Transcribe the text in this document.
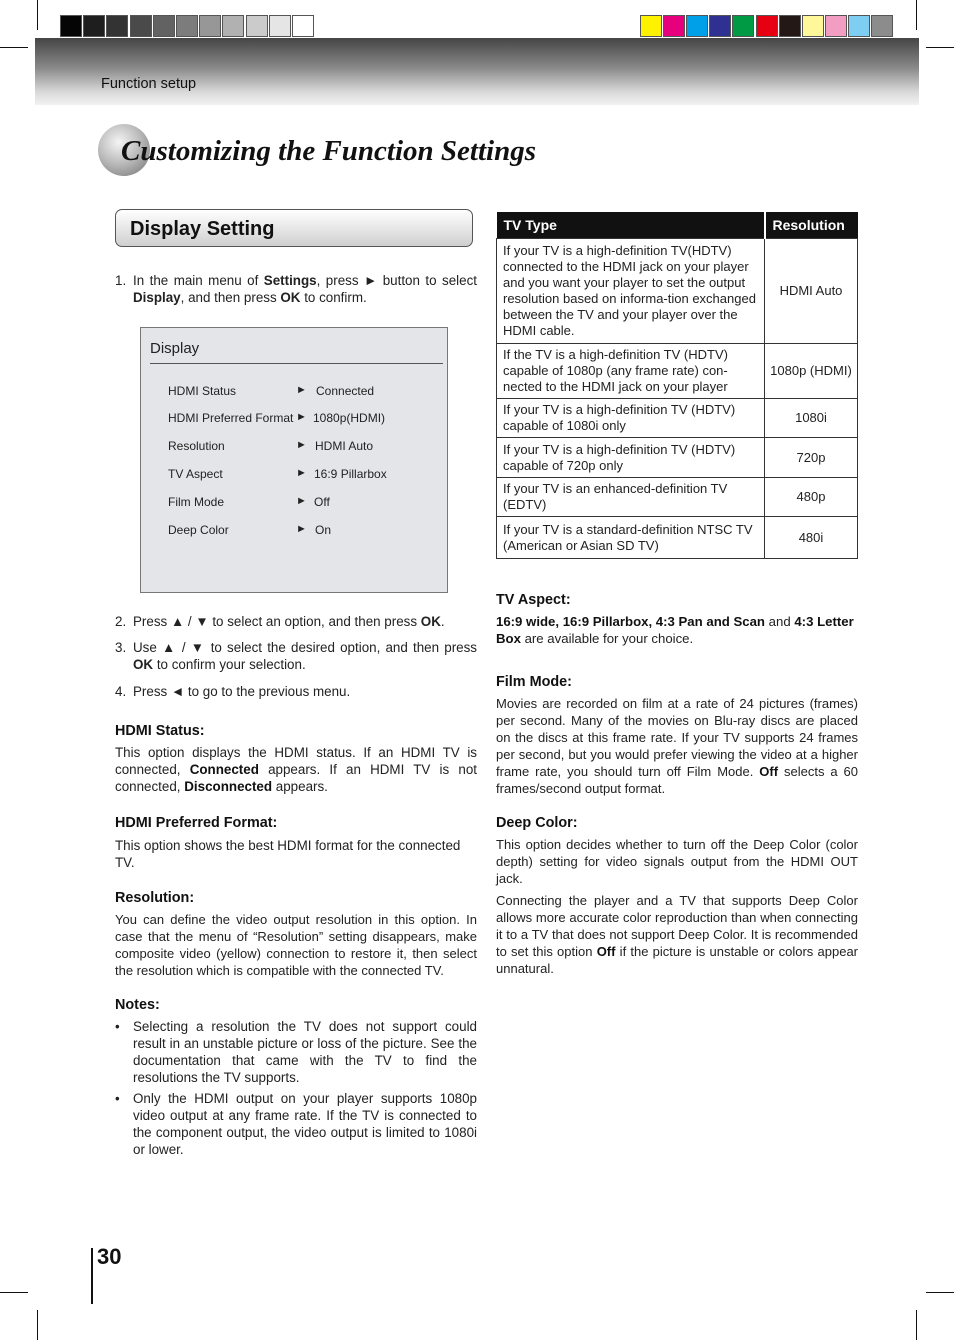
Function setup
Customizing the Function Settings
Display Setting
1. In the main menu of Settings, press ► button to select Display, and then press OK to confirm.
Display
HDMI Status	► Connected
HDMI Preferred Format ► 1080p(HDMI)
Resolution	► HDMI Auto
TV Aspect	► 16:9 Pillarbox
Film Mode	► Off
Deep Color	► On
2. Press ▲ / ▼ to select an option, and then press OK.
3. Use ▲ / ▼ to select the desired option, and then press OK to confirm your selection.
4. Press ◄ to go to the previous menu.
HDMI Status:
This option displays the HDMI status. If an HDMI TV is connected, Connected appears. If an HDMI TV is not connected, Disconnected appears.
HDMI Preferred Format:
This option shows the best HDMI format for the connected TV.
Resolution:
You can define the video output resolution in this option. In case that the menu of “Resolution” setting disappears, make composite video (yellow) connection to restore it, then select the resolution which is compatible with the connected TV.
Notes:
• Selecting a resolution the TV does not support could result in an unstable picture or loss of the picture. See the documentation that came with the TV to find the resolutions the TV supports.
• Only the HDMI output on your player supports 1080p video output at any frame rate. If the TV is connected to the component output, the video output is limited to 1080i or lower.
TV Type	Resolution
If your TV is a high-definition TV(HDTV) connected to the HDMI jack on your player and you want your player to set the output resolution based on informa-tion exchanged between the TV and your player over the HDMI cable.	HDMI Auto
If the TV is a high-definition TV (HDTV) capable of 1080p (any frame rate) con-nected to the HDMI jack on your player	1080p (HDMI)
If your TV is a high-definition TV (HDTV) capable of 1080i only	1080i
If your TV is a high-definition TV (HDTV) capable of 720p only	720p
If your TV is an enhanced-definition TV (EDTV)	480p
If your TV is a standard-definition NTSC TV (American or Asian SD TV)	480i
TV Aspect:
16:9 wide, 16:9 Pillarbox, 4:3 Pan and Scan and 4:3 Letter Box are available for your choice.
Film Mode:
Movies are recorded on film at a rate of 24 pictures (frames) per second. Many of the movies on Blu-ray discs are placed on the discs at this frame rate. If your TV supports 24 frames per second, but you would prefer viewing the video at a higher frame rate, you should turn off Film Mode. Off selects a 60 frames/second output format.
Deep Color:
This option decides whether to turn off the Deep Color (color depth) setting for video signals output from the HDMI OUT jack.
Connecting the player and a TV that supports Deep Color allows more accurate color reproduction than when connecting it to a TV that does not support Deep Color. It is recommended to set this option Off if the picture is unstable or colors appear unnatural.
30
